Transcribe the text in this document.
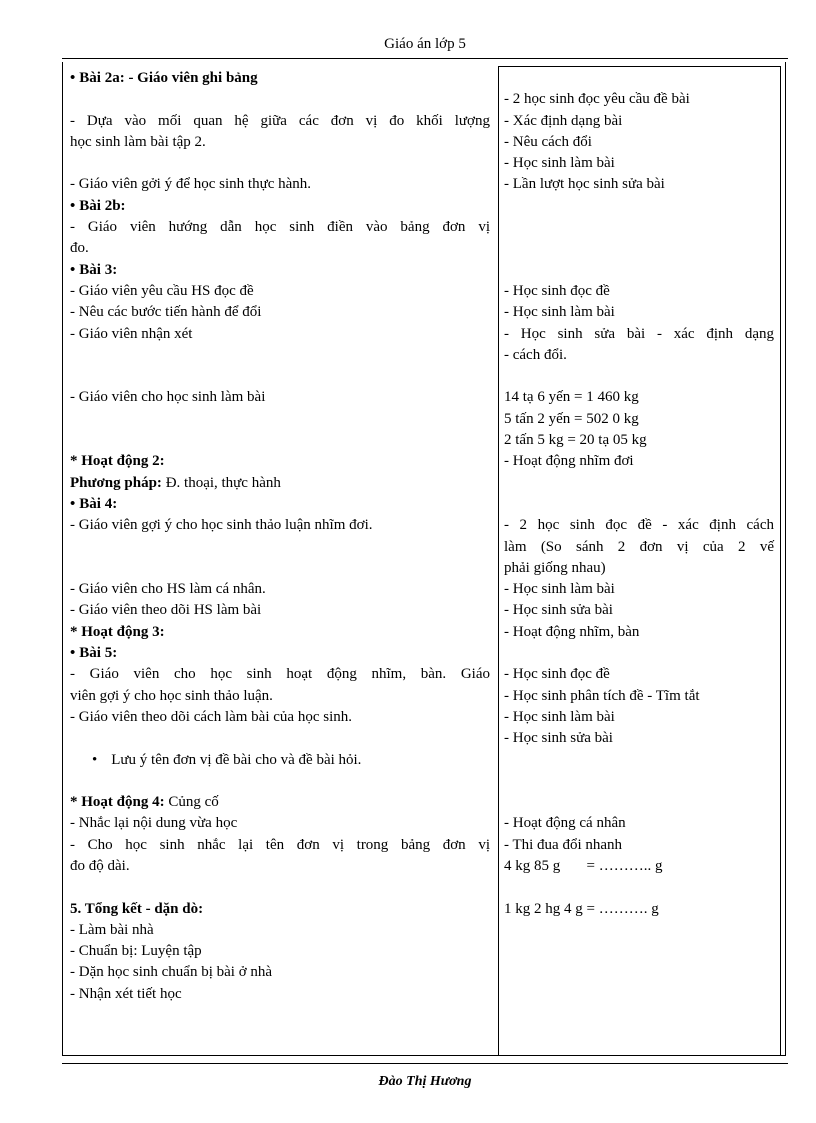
Giáo án lớp 5
• Bài 2a: - Giáo viên ghi bảng
- Dựa vào mối quan hệ giữa các đơn vị đo khối lượng
học sinh làm bài tập 2.
- Giáo viên gởi ý để học sinh thực hành.
• Bài 2b:
- Giáo viên hướng dẫn học sinh điền vào bảng đơn vị
đo.
• Bài 3:
- Giáo viên yêu cầu HS đọc đề
- Nêu các bước tiến hành để đổi
- Giáo viên nhận xét
- Giáo viên cho học sinh làm bài
* Hoạt động 2:
Phương pháp: Đ. thoại, thực hành
• Bài 4:
- Giáo viên gợi ý cho học sinh thảo luận nhĩm đơi.
- Giáo viên cho HS làm cá nhân.
- Giáo viên theo dõi HS làm bài
* Hoạt động 3:
• Bài 5:
- Giáo viên cho học sinh hoạt động nhĩm, bàn. Giáo
viên gợi ý cho học sinh thảo luận.
- Giáo viên theo dõi cách làm bài của học sinh.
• Lưu ý tên đơn vị đề bài cho và đề bài hỏi.
* Hoạt động 4: Củng cố
- Nhắc lại nội dung vừa học
- Cho học sinh nhắc lại tên đơn vị trong bảng đơn vị
đo độ dài.
5. Tổng kết - dặn dò:
- Làm bài nhà
- Chuẩn bị: Luyện tập
- Dặn học sinh chuẩn bị bài ở nhà
- Nhận xét tiết học
- 2 học sinh đọc yêu cầu đề bài
- Xác định dạng bài
- Nêu cách đổi
- Học sinh làm bài
- Lần lượt học sinh sửa bài
- Học sinh đọc đề
- Học sinh làm bài
- Học sinh sửa bài - xác định dạng
- cách đổi.
14 tạ 6 yến = 1 460 kg
5 tấn 2 yến = 502 0 kg
2 tấn 5 kg = 20 tạ 05 kg
- Hoạt động nhĩm đơi
- 2 học sinh đọc đề - xác định cách
làm (So sánh 2 đơn vị của 2 vế
phải giống nhau)
- Học sinh làm bài
- Học sinh sửa bài
- Hoạt động nhĩm, bàn
- Học sinh đọc đề
- Học sinh phân tích đề - Tĩm tắt
- Học sinh làm bài
- Học sinh sửa bài
- Hoạt động cá nhân
- Thi đua đổi nhanh
4 kg 85 g       = ……….. g
1 kg 2 hg 4 g = ………. g
Đào Thị Hương
